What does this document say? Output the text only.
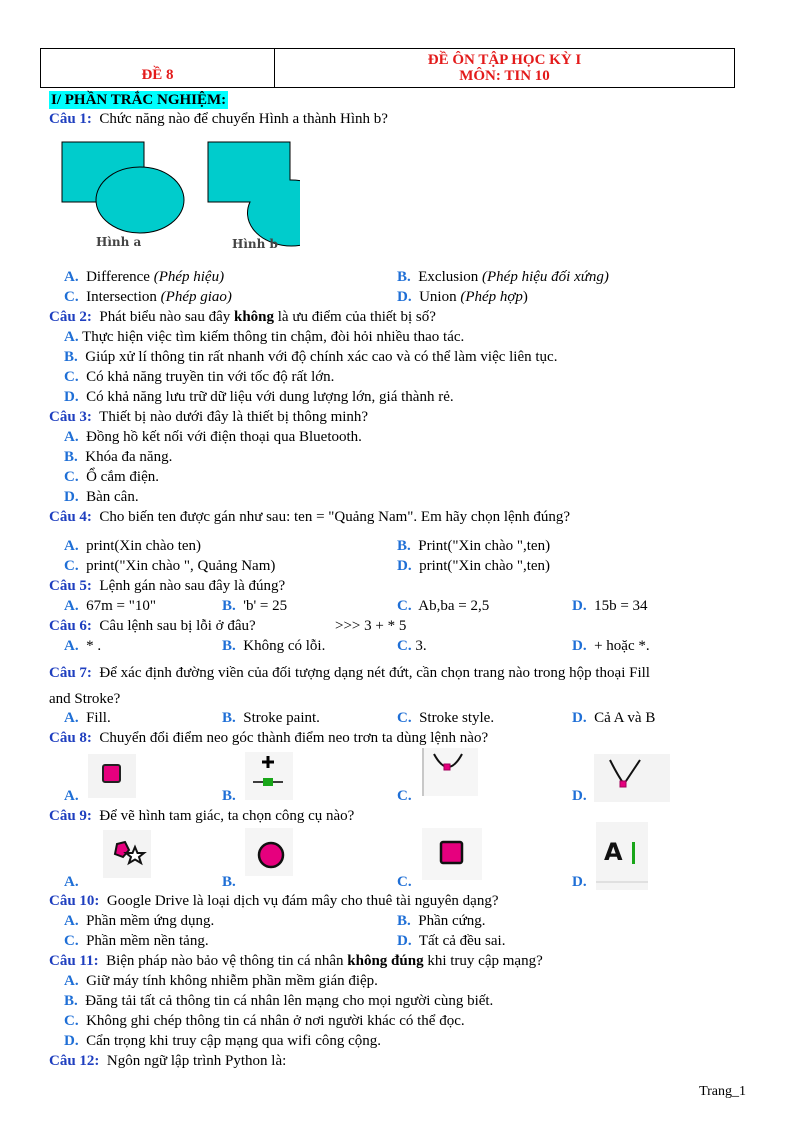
ĐỀ 8
ĐỀ ÔN TẬP HỌC KỲ I
MÔN: TIN 10
I/ PHẦN TRẮC NGHIỆM:
Câu 1: Chức năng nào để chuyển Hình a thành Hình b?
Hình a	Hình b
A. Difference (Phép hiệu)	B. Exclusion (Phép hiệu đối xứng)
C. Intersection (Phép giao)	D. Union (Phép hợp)
Câu 2: Phát biểu nào sau đây không là ưu điểm của thiết bị số?
A. Thực hiện việc tìm kiếm thông tin chậm, đòi hỏi nhiều thao tác.
B. Giúp xử lí thông tin rất nhanh với độ chính xác cao và có thể làm việc liên tục.
C. Có khả năng truyền tin với tốc độ rất lớn.
D. Có khả năng lưu trữ dữ liệu với dung lượng lớn, giá thành rẻ.
Câu 3: Thiết bị nào dưới đây là thiết bị thông minh?
A. Đồng hồ kết nối với điện thoại qua Bluetooth.
B. Khóa đa năng.
C. Ổ cắm điện.
D. Bàn cân.
Câu 4: Cho biến ten được gán như sau: ten = "Quảng Nam". Em hãy chọn lệnh đúng?
A. print(Xin chào ten)	B. Print("Xin chào ",ten)
C. print("Xin chào ", Quảng Nam)	D. print("Xin chào ",ten)
Câu 5: Lệnh gán nào sau đây là đúng?
A. 67m = "10"	B. 'b' = 25	C. Ab,ba = 2,5	D. 15b = 34
Câu 6: Câu lệnh sau bị lỗi ở đâu?	>>> 3 + * 5
A. * .	B. Không có lỗi.	C. 3.	D. + hoặc *.
Câu 7: Để xác định đường viền của đối tượng dạng nét đứt, cần chọn trang nào trong hộp thoại Fill
and Stroke?
A. Fill.	B. Stroke paint.	C. Stroke style.	D. Cả A và B
Câu 8: Chuyển đổi điểm neo góc thành điểm neo trơn ta dùng lệnh nào?
A.	B.	C.	D.
Câu 9: Để vẽ hình tam giác, ta chọn công cụ nào?
A.	B.	C.	D.
A
Câu 10: Google Drive là loại dịch vụ đám mây cho thuê tài nguyên dạng?
A. Phần mềm ứng dụng.	B. Phần cứng.
C. Phần mềm nền tảng.	D. Tất cả đều sai.
Câu 11: Biện pháp nào bảo vệ thông tin cá nhân không đúng khi truy cập mạng?
A. Giữ máy tính không nhiễm phần mềm gián điệp.
B. Đăng tải tất cả thông tin cá nhân lên mạng cho mọi người cùng biết.
C. Không ghi chép thông tin cá nhân ở nơi người khác có thể đọc.
D. Cẩn trọng khi truy cập mạng qua wifi công cộng.
Câu 12: Ngôn ngữ lập trình Python là:
Trang_1
